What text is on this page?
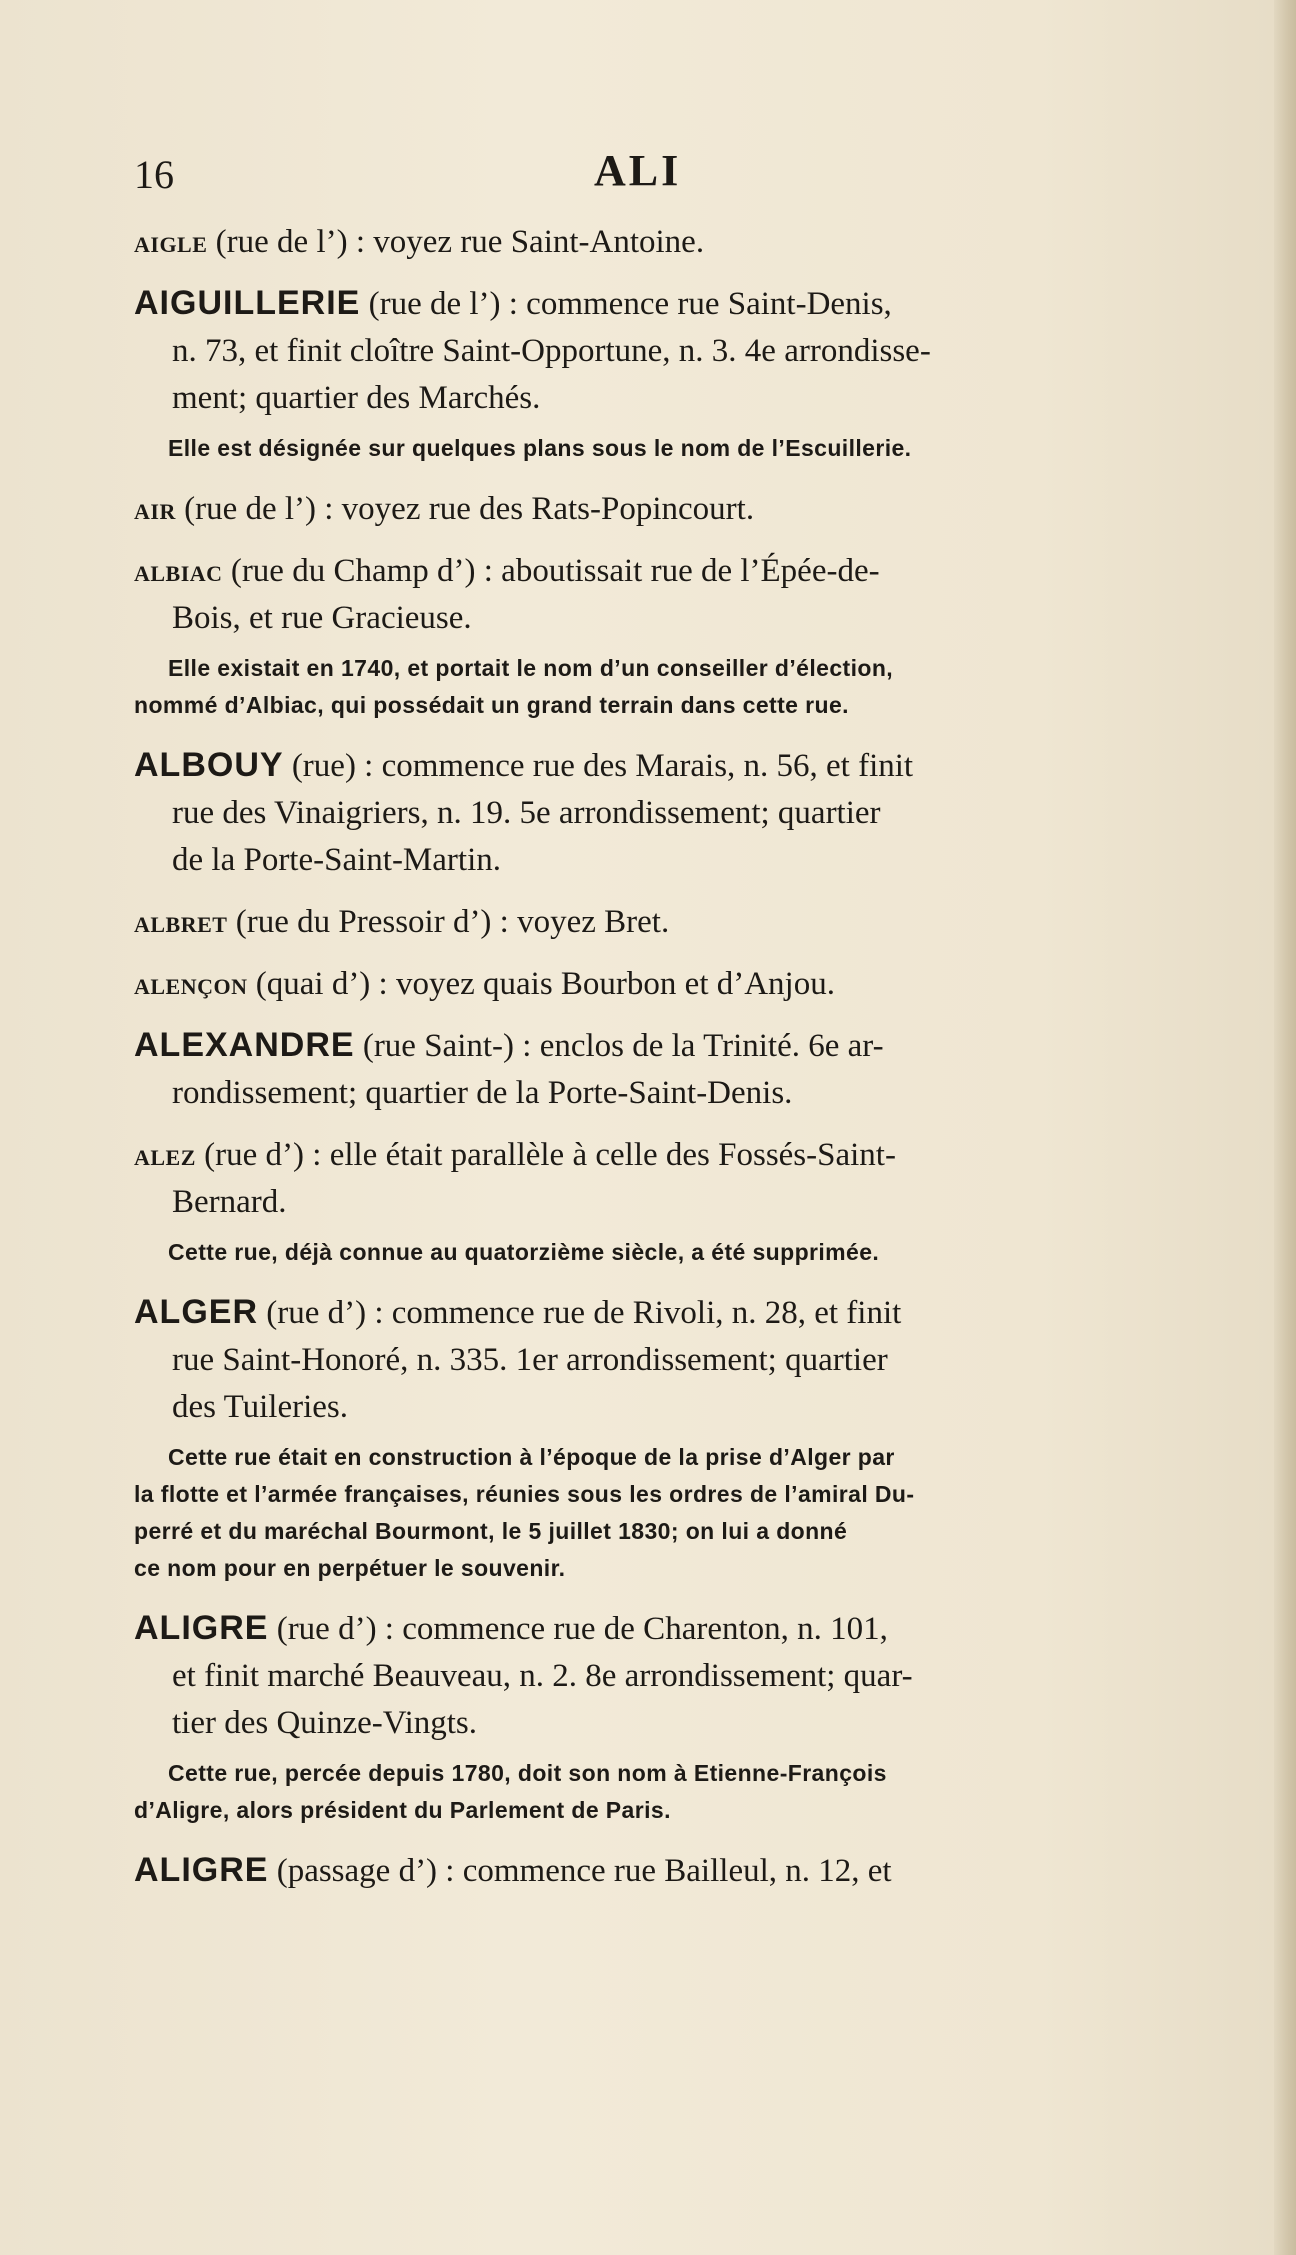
16	ALI
aigle (rue de l’) : voyez rue Saint-Antoine.
AIGUILLERIE (rue de l’) : commence rue Saint-Denis,
n. 73, et finit cloître Saint-Opportune, n. 3. 4e arrondisse-
ment; quartier des Marchés.
Elle est désignée sur quelques plans sous le nom de l’Escuillerie.
air (rue de l’) : voyez rue des Rats-Popincourt.
albiac (rue du Champ d’) : aboutissait rue de l’Épée-de-
Bois, et rue Gracieuse.
Elle existait en 1740, et portait le nom d’un conseiller d’élection,
nommé d’Albiac, qui possédait un grand terrain dans cette rue.
ALBOUY (rue) : commence rue des Marais, n. 56, et finit
rue des Vinaigriers, n. 19. 5e arrondissement; quartier
de la Porte-Saint-Martin.
albret (rue du Pressoir d’) : voyez Bret.
alençon (quai d’) : voyez quais Bourbon et d’Anjou.
ALEXANDRE (rue Saint-) : enclos de la Trinité. 6e ar-
rondissement; quartier de la Porte-Saint-Denis.
alez (rue d’) : elle était parallèle à celle des Fossés-Saint-
Bernard.
Cette rue, déjà connue au quatorzième siècle, a été supprimée.
ALGER (rue d’) : commence rue de Rivoli, n. 28, et finit
rue Saint-Honoré, n. 335. 1er arrondissement; quartier
des Tuileries.
Cette rue était en construction à l’époque de la prise d’Alger par
la flotte et l’armée françaises, réunies sous les ordres de l’amiral Du-
perré et du maréchal Bourmont, le 5 juillet 1830; on lui a donné
ce nom pour en perpétuer le souvenir.
ALIGRE (rue d’) : commence rue de Charenton, n. 101,
et finit marché Beauveau, n. 2. 8e arrondissement; quar-
tier des Quinze-Vingts.
Cette rue, percée depuis 1780, doit son nom à Etienne-François
d’Aligre, alors président du Parlement de Paris.
ALIGRE (passage d’) : commence rue Bailleul, n. 12, et
